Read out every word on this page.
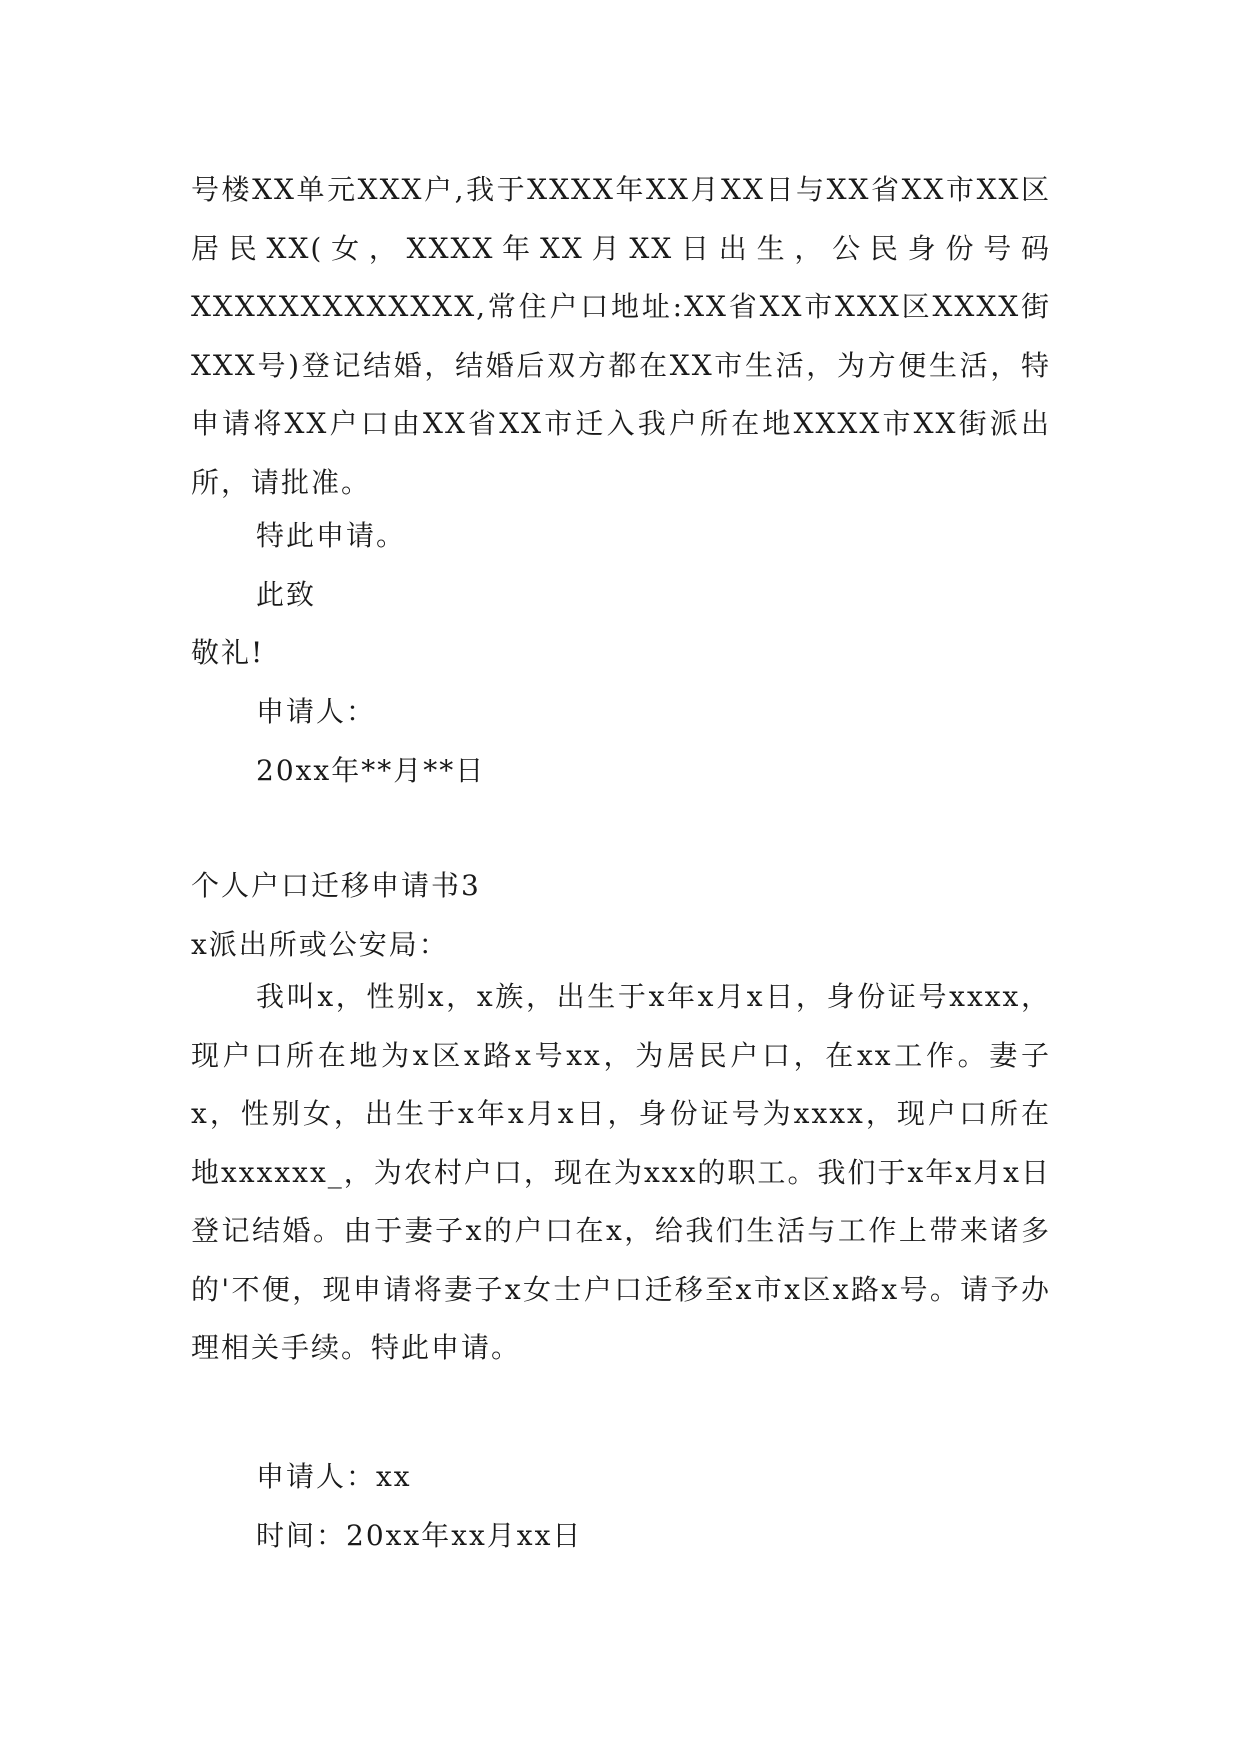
号楼XX单元XXX户,我于XXXX年XX月XX日与XX省XX市XX区居民XX(女，XXXX年XX月XX日出生，公民身份号码XXXXXXXXXXXXX,常住户口地址:XX省XX市XXX区XXXX街XXX号)登记结婚，结婚后双方都在XX市生活，为方便生活，特申请将XX户口由XX省XX市迁入我户所在地XXXX市XX街派出所，请批准。

特此申请。

此致

敬礼!

申请人：

20xx年**月**日

个人户口迁移申请书3

x派出所或公安局：

我叫x，性别x，x族，出生于x年x月x日，身份证号xxxx，现户口所在地为x区x路x号xx，为居民户口，在xx工作。妻子x，性别女，出生于x年x月x日，身份证号为xxxx，现户口所在地xxxxxx_，为农村户口，现在为xxx的职工。我们于x年x月x日登记结婚。由于妻子x的户口在x，给我们生活与工作上带来诸多的'不便，现申请将妻子x女士户口迁移至x市x区x路x号。请予办理相关手续。特此申请。

申请人：xx

时间：20xx年xx月xx日
